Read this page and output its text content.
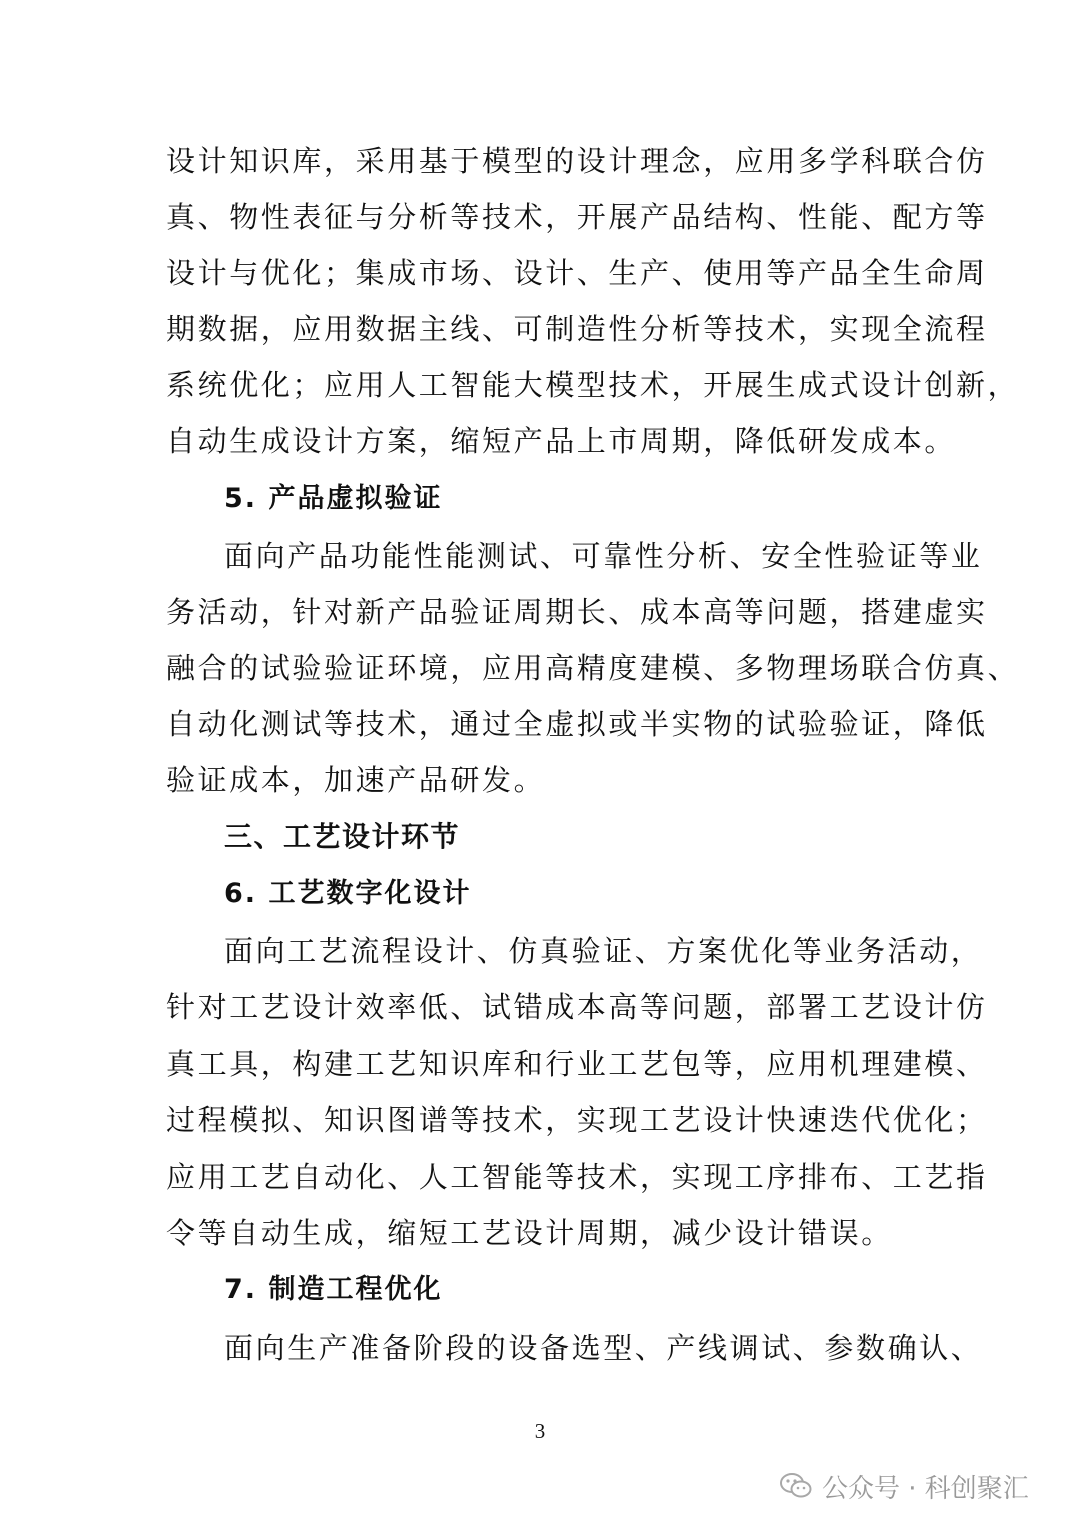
设计知识库，采用基于模型的设计理念，应用多学科联合仿
真、物性表征与分析等技术，开展产品结构、性能、配方等
设计与优化；集成市场、设计、生产、使用等产品全生命周
期数据，应用数据主线、可制造性分析等技术，实现全流程
系统优化；应用人工智能大模型技术，开展生成式设计创新，
自动生成设计方案，缩短产品上市周期，降低研发成本。
5. 产品虚拟验证
面向产品功能性能测试、可靠性分析、安全性验证等业
务活动，针对新产品验证周期长、成本高等问题，搭建虚实
融合的试验验证环境，应用高精度建模、多物理场联合仿真、
自动化测试等技术，通过全虚拟或半实物的试验验证，降低
验证成本，加速产品研发。
三、工艺设计环节
6. 工艺数字化设计
面向工艺流程设计、仿真验证、方案优化等业务活动，
针对工艺设计效率低、试错成本高等问题，部署工艺设计仿
真工具，构建工艺知识库和行业工艺包等，应用机理建模、
过程模拟、知识图谱等技术，实现工艺设计快速迭代优化；
应用工艺自动化、人工智能等技术，实现工序排布、工艺指
令等自动生成，缩短工艺设计周期，减少设计错误。
7. 制造工程优化
面向生产准备阶段的设备选型、产线调试、参数确认、
3
公众号 · 科创聚汇
